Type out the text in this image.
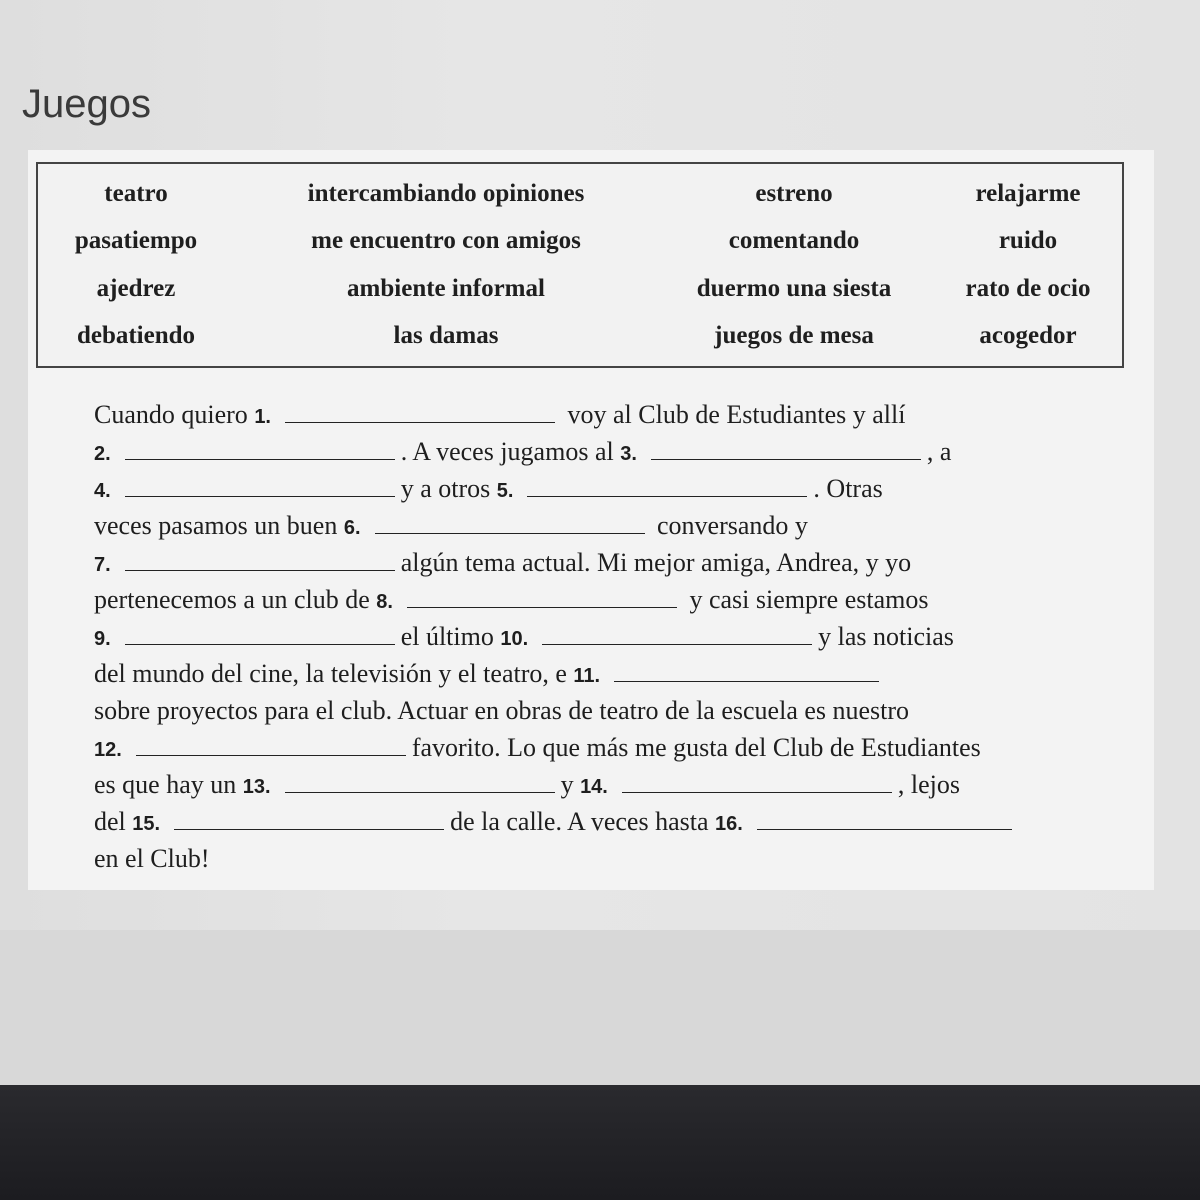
Juegos
teatro	intercambiando opiniones	estreno	relajarme
pasatiempo	me encuentro con amigos	comentando	ruido
ajedrez	ambiente informal	duermo una siesta	rato de ocio
debatiendo	las damas	juegos de mesa	acogedor
Cuando quiero 1.	voy al Club de Estudiantes y allí
2.	. A veces jugamos al 3.	, a
4.	y a otros 5.	. Otras
veces pasamos un buen 6.	conversando y
7.	algún tema actual. Mi mejor amiga, Andrea, y yo
pertenecemos a un club de 8.	y casi siempre estamos
9.	el último 10.	y las noticias
del mundo del cine, la televisión y el teatro, e 11.
sobre proyectos para el club. Actuar en obras de teatro de la escuela es nuestro
12.	favorito. Lo que más me gusta del Club de Estudiantes
es que hay un 13.	y 14.	, lejos
del 15.	de la calle. A veces hasta 16.
en el Club!
